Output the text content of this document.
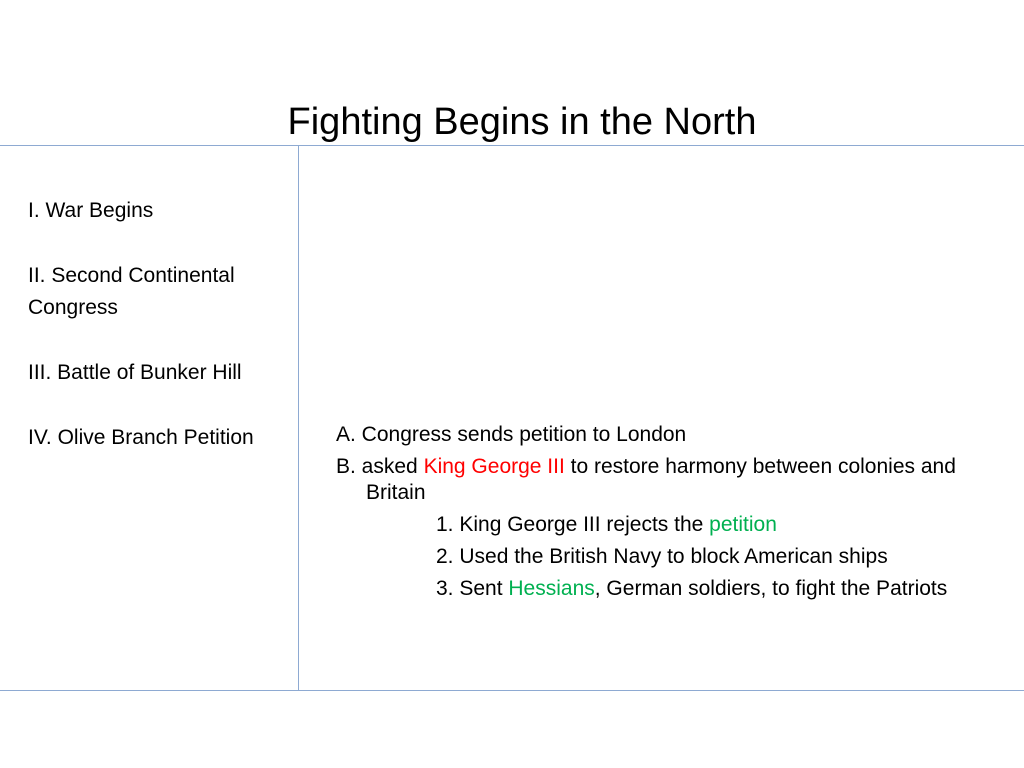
Fighting Begins in the North
I. War Begins
II. Second Continental Congress
III. Battle of Bunker Hill
IV. Olive Branch Petition	A. Congress sends petition to London
B. asked King George III to restore harmony between colonies and Britain
1. King George III rejects the petition
2. Used the British Navy to block American ships
3. Sent Hessians, German soldiers, to fight the Patriots
